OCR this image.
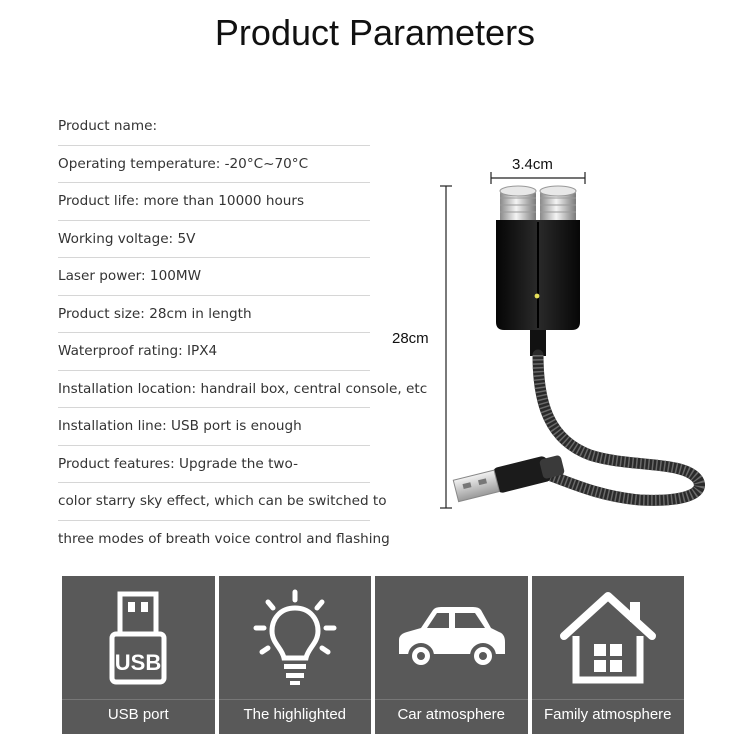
Product Parameters
Product name:
Operating temperature: -20°C~70°C
Product life: more than 10000 hours
Working voltage: 5V
Laser power: 100MW
Product size: 28cm in length
Waterproof rating: IPX4
Installation location: handrail box, central console, etc
Installation line: USB port is enough
Product features: Upgrade the two-
color starry sky effect, which can be switched to
three modes of breath voice control and flashing
3.4cm
28cm
USB
USB port	The highlighted	Car atmosphere	Family atmosphere
